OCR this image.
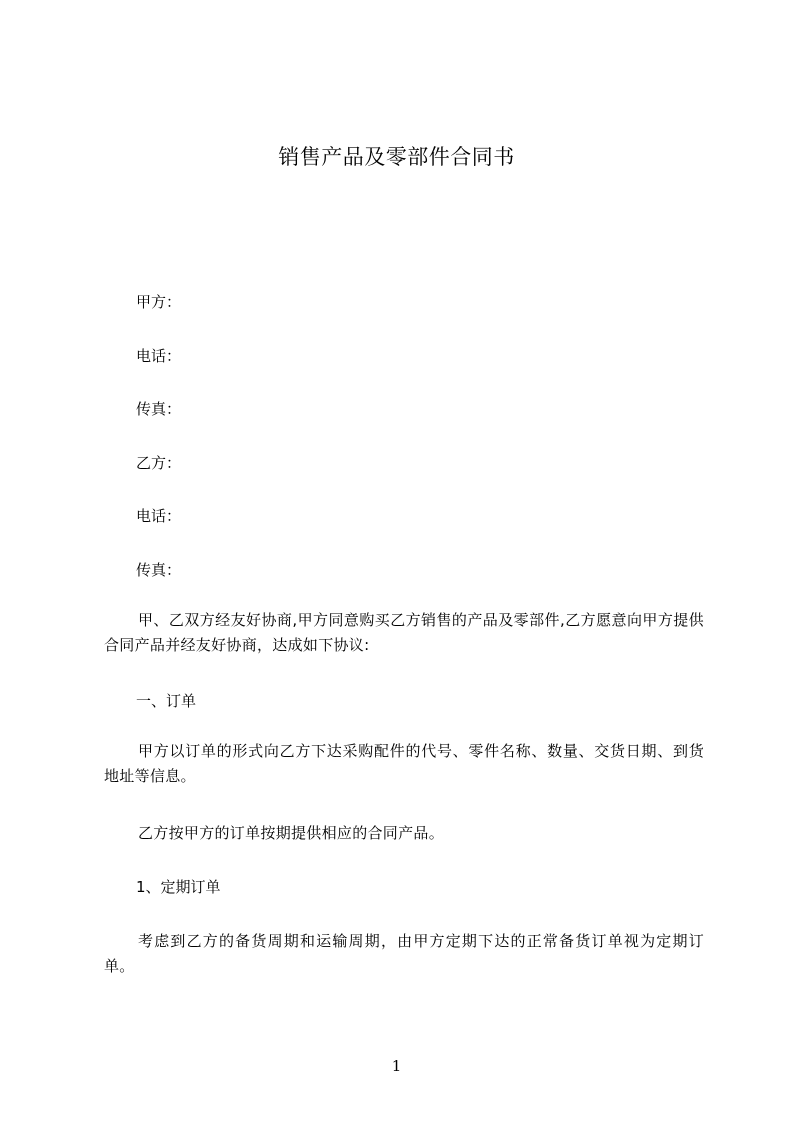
销售产品及零部件合同书
甲方：
电话：
传真：
乙方：
电话：
传真：
甲、乙双方经友好协商,甲方同意购买乙方销售的产品及零部件,乙方愿意向甲方提供合同产品并经友好协商，达成如下协议:
一、订单
甲方以订单的形式向乙方下达采购配件的代号、零件名称、数量、交货日期、到货地址等信息。
乙方按甲方的订单按期提供相应的合同产品。
1、定期订单
考虑到乙方的备货周期和运输周期，由甲方定期下达的正常备货订单视为定期订单。
1
